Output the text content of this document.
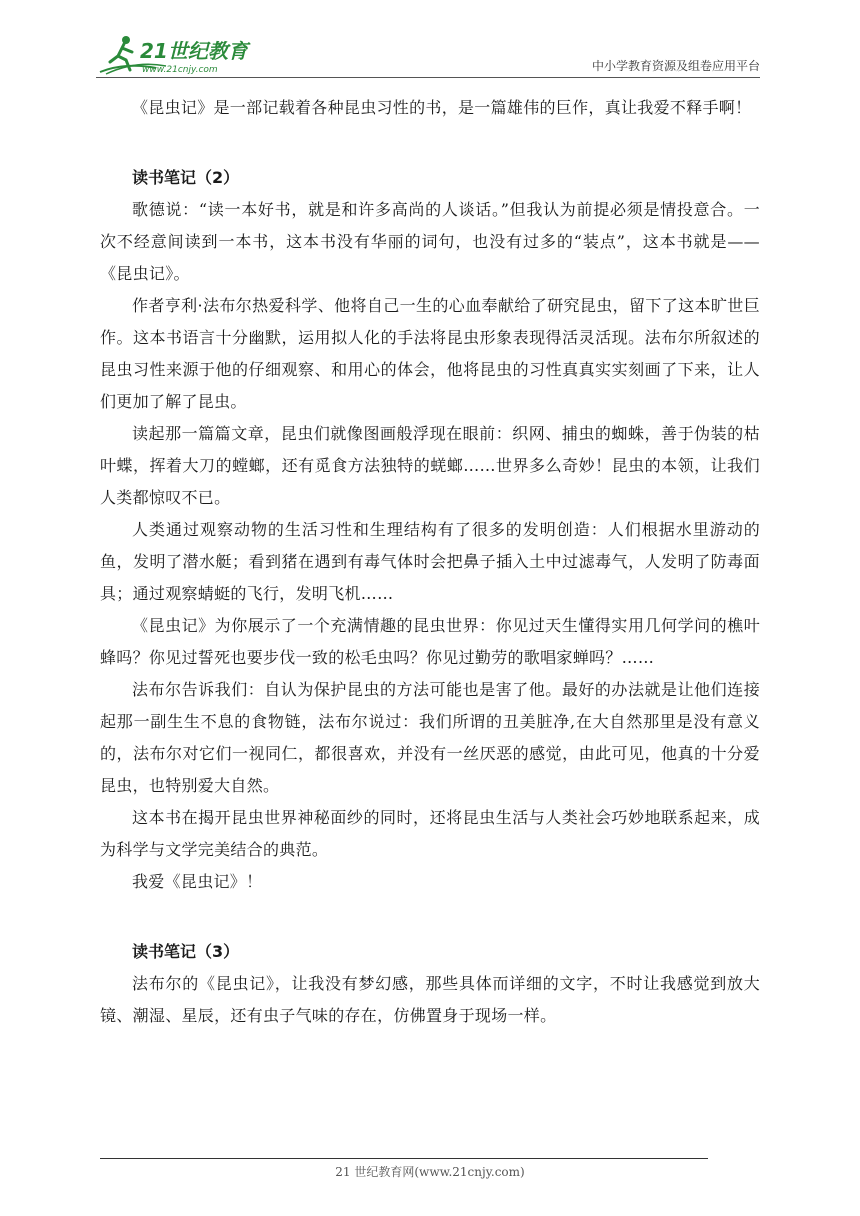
21世纪教育
www.21cnjy.com	中小学教育资源及组卷应用平台

《昆虫记》是一部记载着各种昆虫习性的书，是一篇雄伟的巨作，真让我爱不释手啊！

读书笔记（2）

歌德说：“读一本好书，就是和许多高尚的人谈话。”但我认为前提必须是情投意合。一次不经意间读到一本书，这本书没有华丽的词句，也没有过多的“装点”，这本书就是——《昆虫记》。

作者亨利·法布尔热爱科学、他将自己一生的心血奉献给了研究昆虫，留下了这本旷世巨作。这本书语言十分幽默，运用拟人化的手法将昆虫形象表现得活灵活现。法布尔所叙述的昆虫习性来源于他的仔细观察、和用心的体会，他将昆虫的习性真真实实刻画了下来，让人们更加了解了昆虫。

读起那一篇篇文章，昆虫们就像图画般浮现在眼前：织网、捕虫的蜘蛛，善于伪装的枯叶蝶，挥着大刀的螳螂，还有觅食方法独特的蜣螂……世界多么奇妙！昆虫的本领，让我们人类都惊叹不已。

人类通过观察动物的生活习性和生理结构有了很多的发明创造：人们根据水里游动的鱼，发明了潜水艇；看到猪在遇到有毒气体时会把鼻子插入土中过滤毒气，人发明了防毒面具；通过观察蜻蜓的飞行，发明飞机……

《昆虫记》为你展示了一个充满情趣的昆虫世界：你见过天生懂得实用几何学问的樵叶蜂吗？你见过誓死也要步伐一致的松毛虫吗？你见过勤劳的歌唱家蝉吗？……

法布尔告诉我们：自认为保护昆虫的方法可能也是害了他。最好的办法就是让他们连接起那一副生生不息的食物链，法布尔说过：我们所谓的丑美脏净,在大自然那里是没有意义的，法布尔对它们一视同仁，都很喜欢，并没有一丝厌恶的感觉，由此可见，他真的十分爱昆虫，也特别爱大自然。

这本书在揭开昆虫世界神秘面纱的同时，还将昆虫生活与人类社会巧妙地联系起来，成为科学与文学完美结合的典范。

我爱《昆虫记》！

读书笔记（3）

法布尔的《昆虫记》，让我没有梦幻感，那些具体而详细的文字，不时让我感觉到放大镜、潮湿、星辰，还有虫子气味的存在，仿佛置身于现场一样。

21 世纪教育网(www.21cnjy.com)
